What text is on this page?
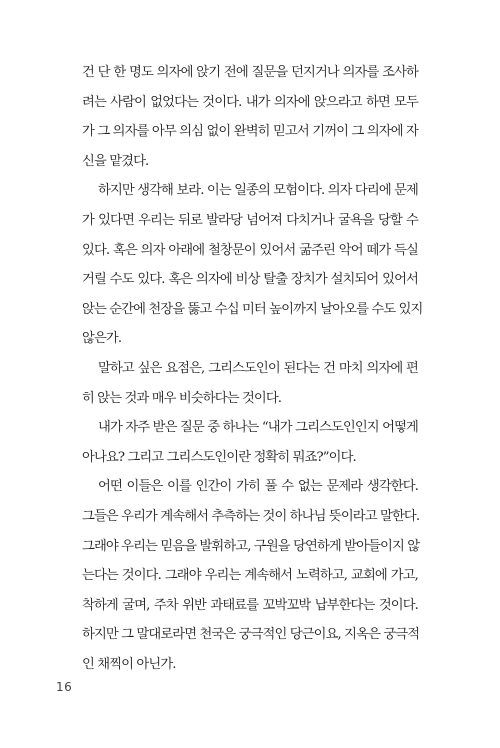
건 단 한 명도 의자에 앉기 전에 질문을 던지거나 의자를 조사하
려는 사람이 없었다는 것이다. 내가 의자에 앉으라고 하면 모두
가 그 의자를 아무 의심 없이 완벽히 믿고서 기꺼이 그 의자에 자
신을 맡겼다.
하지만 생각해 보라. 이는 일종의 모험이다. 의자 다리에 문제
가 있다면 우리는 뒤로 발라당 넘어져 다치거나 굴욕을 당할 수
있다. 혹은 의자 아래에 철창문이 있어서 굶주린 악어 떼가 득실
거릴 수도 있다. 혹은 의자에 비상 탈출 장치가 설치되어 있어서
앉는 순간에 천장을 뚫고 수십 미터 높이까지 날아오를 수도 있지
않은가.
말하고 싶은 요점은, 그리스도인이 된다는 건 마치 의자에 편
히 앉는 것과 매우 비슷하다는 것이다.
내가 자주 받은 질문 중 하나는 “내가 그리스도인인지 어떻게
아나요? 그리고 그리스도인이란 정확히 뭐죠?”이다.
어떤 이들은 이를 인간이 가히 풀 수 없는 문제라 생각한다.
그들은 우리가 계속해서 추측하는 것이 하나님 뜻이라고 말한다.
그래야 우리는 믿음을 발휘하고, 구원을 당연하게 받아들이지 않
는다는 것이다. 그래야 우리는 계속해서 노력하고, 교회에 가고,
착하게 굴며, 주차 위반 과태료를 꼬박꼬박 납부한다는 것이다.
하지만 그 말대로라면 천국은 궁극적인 당근이요, 지옥은 궁극적
인 채찍이 아닌가.
16
